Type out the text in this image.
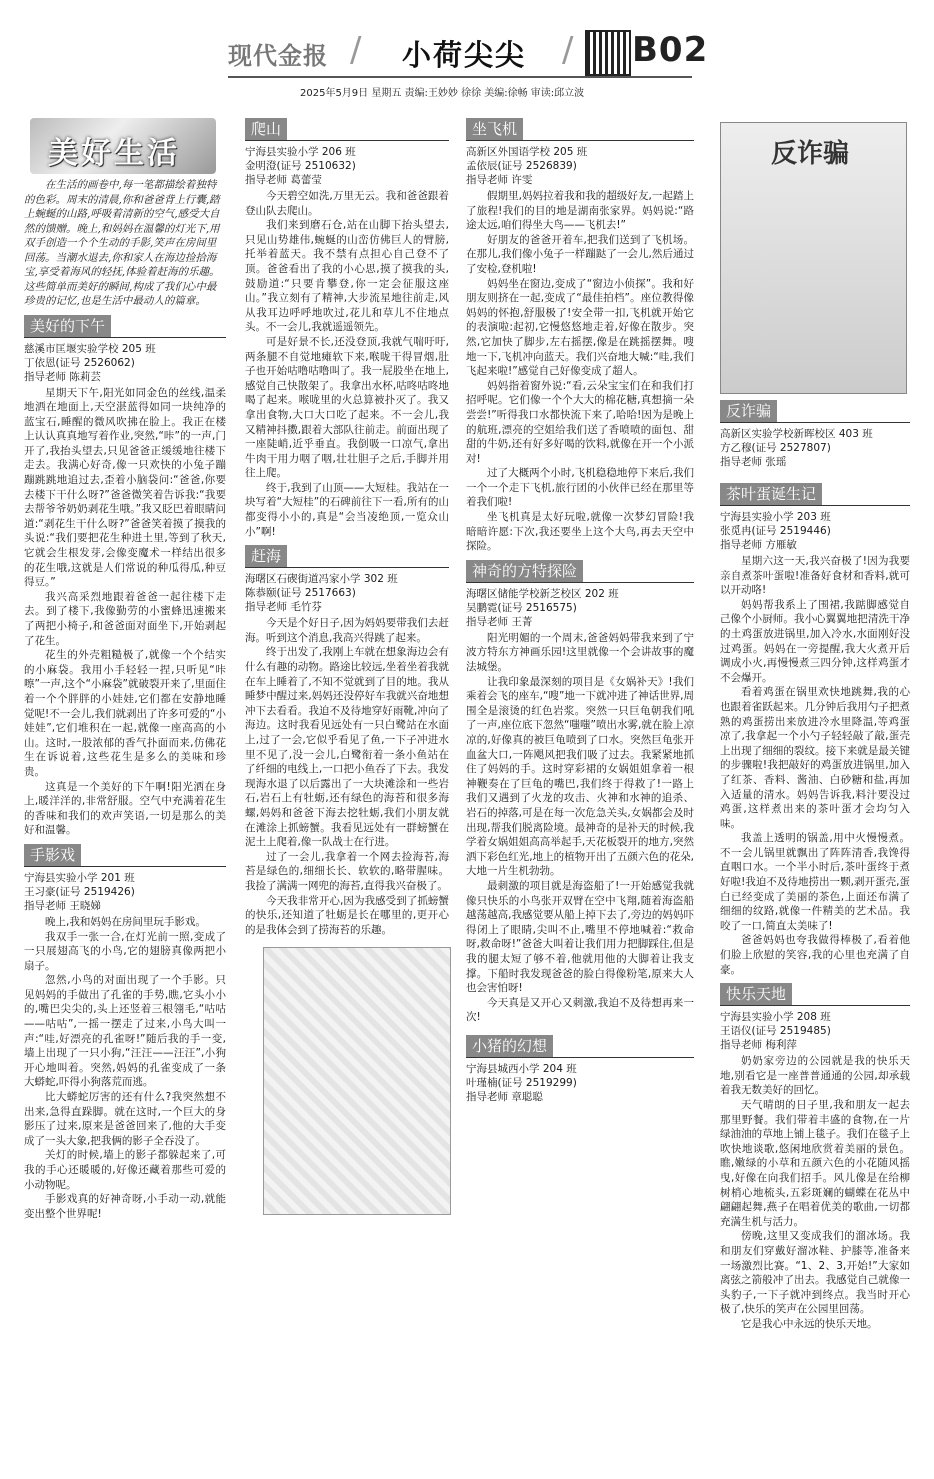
现代金报 / 小荷尖尖 / B02
2025年5月9日 星期五 责编:王妙妙 徐徐 美编:徐畅 审读:邱立波
美好生活
在生活的画卷中,每一笔都描绘着独特的色彩。周末的清晨,你和爸爸背上行囊,踏上蜿蜒的山路,呼吸着清新的空气,感受大自然的馈赠。晚上,和妈妈在温馨的灯光下,用双手创造一个个生动的手影,笑声在房间里回荡。当潮水退去,你和家人在海边捡拾海宝,享受着海风的轻抚,体验着赶海的乐趣。这些简单而美好的瞬间,构成了我们心中最珍贵的记忆,也是生活中最动人的篇章。
美好的下午
慈溪市匡堰实验学校 205 班
丁依恩(证号 2526062)
指导老师 陈莉芸

星期天下午,阳光如同金色的丝线,温柔地洒在地面上,天空湛蓝得如同一块纯净的蓝宝石,睡醒的微风吹拂在脸上。我正在楼上认认真真地写着作业,突然,“咔”的一声,门开了,我抬头望去,只见爸爸正缓缓地往楼下走去。我满心好奇,像一只欢快的小兔子蹦蹦跳跳地追过去,歪着小脑袋问:“爸爸,你要去楼下干什么呀?”爸爸微笑着告诉我:“我要去帮爷爷奶奶剥花生哦。”我又眨巴着眼睛问道:“剥花生干什么呀?”爸爸笑着摸了摸我的头说:“我们要把花生种进土里,等到了秋天,它就会生根发芽,会像变魔术一样结出很多的花生哦,这就是人们常说的种瓜得瓜,种豆得豆。”

我兴高采烈地跟着爸爸一起往楼下走去。到了楼下,我像勤劳的小蜜蜂迅速搬来了两把小椅子,和爸爸面对面坐下,开始剥起了花生。

花生的外壳粗糙极了,就像一个个结实的小麻袋。我用小手轻轻一捏,只听见“咔嚓”一声,这个“小麻袋”就破裂开来了,里面住着一个个胖胖的小娃娃,它们都在安静地睡觉呢!不一会儿,我们就剥出了许多可爱的“小娃娃”,它们堆积在一起,就像一座高高的小山。这时,一股浓郁的香气扑面而来,仿佛花生在诉说着,这些花生是多么的美味和珍贵。

这真是一个美好的下午啊!阳光洒在身上,暖洋洋的,非常舒服。空气中充满着花生的香味和我们的欢声笑语,一切是那么的美好和温馨。

手影戏
宁海县实验小学 201 班
王习豪(证号 2519426)
指导老师 王晓娣

晚上,我和妈妈在房间里玩手影戏。

我双手一张一合,在灯光前一照,变成了一只展翅高飞的小鸟,它的翅膀真像两把小扇子。

忽然,小鸟的对面出现了一个手影。只见妈妈的手做出了孔雀的手势,瞧,它头小小的,嘴巴尖尖的,头上还竖着三根翎毛,“咕咕——咕咕”,一摇一摆走了过来,小鸟大叫一声:“哇,好漂亮的孔雀呀!”随后我的手一变,墙上出现了一只小狗,“汪汪——汪汪”,小狗开心地叫着。突然,妈妈的孔雀变成了一条大蟒蛇,吓得小狗落荒而逃。

比大蟒蛇厉害的还有什么?我突然想不出来,急得直跺脚。就在这时,一个巨大的身影压了过来,原来是爸爸回来了,他的大手变成了一头大象,把我俩的影子全吞没了。

关灯的时候,墙上的影子都躲起来了,可我的手心还暖暖的,好像还藏着那些可爱的小动物呢。

手影戏真的好神奇呀,小手动一动,就能变出整个世界呢!

爬山
宁海县实验小学 206 班
金明澄(证号 2510632)
指导老师 葛蕾莹

今天碧空如洗,万里无云。我和爸爸跟着登山队去爬山。

我们来到磨石仓,站在山脚下抬头望去,只见山势雄伟,蜿蜒的山峦仿佛巨人的臂膀,托举着蓝天。我不禁有点担心自己登不了顶。爸爸看出了我的小心思,摸了摸我的头,鼓励道:“只要肯攀登,你一定会征服这座山。”我立刻有了精神,大步流星地往前走,风从我耳边呼呼地吹过,花儿和草儿不住地点头。不一会儿,我就遥遥领先。

可是好景不长,还没登顶,我就气喘吁吁,两条腿不自觉地瘫软下来,喉咙干得冒烟,肚子也开始咕噜咕噜叫了。我一屁股坐在地上,感觉自己快散架了。我拿出水杯,咕咚咕咚地喝了起来。喉咙里的火总算被扑灭了。我又拿出食物,大口大口吃了起来。不一会儿,我又精神抖擞,跟着大部队往前走。前面出现了一座陡峭,近乎垂直。我倒吸一口凉气,拿出牛肉干用力咽了咽,壮壮胆子之后,手脚并用往上爬。

终于,我到了山顶——大短桂。我站在一块写着“大短桂”的石碑前往下一看,所有的山都变得小小的,真是“会当凌绝顶,一览众山小”啊!

赶海
海曙区石碶街道冯家小学 302 班
陈恭颐(证号 2517663)
指导老师 毛竹芬

今天是个好日子,因为妈妈要带我们去赶海。听到这个消息,我高兴得跳了起来。

终于出发了,我刚上车就在想象海边会有什么有趣的动物。路途比较远,坐着坐着我就在车上睡着了,不知不觉就到了目的地。我从睡梦中醒过来,妈妈还没停好车我就兴奋地想冲下去看看。我迫不及待地穿好雨靴,冲向了海边。这时我看见远处有一只白鹭站在水面上,过了一会,它似乎看见了鱼,一下子冲进水里不见了,没一会儿,白鹭衔着一条小鱼站在了纤细的电线上,一口把小鱼吞了下去。我发现海水退了以后露出了一大块滩涂和一些岩石,岩石上有牡蛎,还有绿色的海苔和很多海螺,妈妈和爸爸下海去挖牡蛎,我们小朋友就在滩涂上抓螃蟹。我看见远处有一群螃蟹在泥土上爬着,像一队战士在行进。

过了一会儿,我拿着一个网去捡海苔,海苔是绿色的,细细长长、软软的,略带腥味。我捡了满满一网兜的海苔,直得我兴奋极了。

今天我非常开心,因为我感受到了抓螃蟹的快乐,还知道了牡蛎是长在哪里的,更开心的是我体会到了捞海苔的乐趣。

坐飞机
高新区外国语学校 205 班
孟依辰(证号 2526839)
指导老师 许雯

假期里,妈妈拉着我和我的超级好友,一起踏上了旅程!我们的目的地是湖南张家界。妈妈说:“路途太远,咱们得坐大鸟——飞机去!”

好朋友的爸爸开着车,把我们送到了飞机场。在那儿,我们像小兔子一样蹦跶了一会儿,然后通过了安检,登机啦!

妈妈坐在窗边,变成了“窗边小侦探”。我和好朋友则挤在一起,变成了“最佳拍档”。座位教得像妈妈的怀抱,舒服极了!安全带一扣,飞机就开始它的表演啦:起初,它慢悠悠地走着,好像在散步。突然,它加快了脚步,左右摇摆,像是在跳摇摆舞。嗖地一下,飞机冲向蓝天。我们兴奋地大喊:“哇,我们飞起来啦!”感觉自己好像变成了超人。

妈妈指着窗外说:“看,云朵宝宝们在和我们打招呼呢。它们像一个个大大的棉花糖,真想摘一朵尝尝!”听得我口水都快流下来了,哈哈!因为是晚上的航班,漂亮的空姐给我们送了香喷喷的面包、甜甜的牛奶,还有好多好喝的饮料,就像在开一个小派对!

过了大概两个小时,飞机稳稳地停下来后,我们一个一个走下飞机,旅行团的小伙伴已经在那里等着我们啦!

坐飞机真是太好玩啦,就像一次梦幻冒险!我暗暗许愿:下次,我还要坐上这个大鸟,再去天空中探险。

神奇的方特探险
海曙区储能学校新芝校区 202 班
吴鹏霓(证号 2516575)
指导老师 王菁

阳光明媚的一个周末,爸爸妈妈带我来到了宁波方特东方神画乐园!这里就像一个会讲故事的魔法城堡。

让我印象最深刻的项目是《女娲补天》!我们乘着会飞的座车,“嗖”地一下就冲进了神话世界,周围全是滚烫的红色岩浆。突然一只巨龟朝我们吼了一声,座位底下忽然“嗤嗤”喷出水雾,就在脸上凉凉的,好像真的被巨龟喷到了口水。突然巨龟张开血盆大口,一阵飓风把我们吸了过去。我紧紧地抓住了妈妈的手。这时穿彩裙的女娲姐姐拿着一根神鞭奏在了巨龟的嘴巴,我们终于得救了!一路上我们又遇到了火龙的攻击、火神和水神的追杀、岩石的掉落,可是在每一次危急关头,女娲都会及时出现,帮我们脱离险境。最神奇的是补天的时候,我学着女娲姐姐高高举起手,天花板裂开的地方,突然洒下彩色红光,地上的植物开出了五颜六色的花朵,大地一片生机勃勃。

最刺激的项目就是海盗船了!一开始感觉我就像只快乐的小鸟张开双臂在空中飞翔,随着海盗船越荡越高,我感觉要从船上掉下去了,旁边的妈妈吓得闭上了眼睛,尖叫不止,嘴里不停地喊着:“救命呀,救命呀!”爸爸大叫着让我们用力把脚踩住,但是我的腿太短了够不着,他就用他的大脚着让我支撑。下船时我发现爸爸的脸白得像粉笔,原来大人也会害怕呀!

今天真是又开心又刺激,我迫不及待想再来一次!

小猪的幻想
宁海县城西小学 204 班
叶瑾楠(证号 2519299)
指导老师 章聪聪
反诈骗
反诈骗
高新区实验学校新晖校区 403 班
方乙穆(证号 2527807)
指导老师 张瑶
茶叶蛋诞生记
宁海县实验小学 203 班
张觅冉(证号 2519446)
指导老师 方雁敏

星期六这一天,我兴奋极了!因为我要亲自煮茶叶蛋啦!准备好食材和香料,就可以开动咯!

妈妈帮我系上了围裙,我踮脚感觉自己像个小厨师。我小心翼翼地把清洗干净的土鸡蛋放进锅里,加入冷水,水面刚好没过鸡蛋。妈妈在一旁提醒,我大火煮开后调成小火,再慢慢煮三四分钟,这样鸡蛋才不会爆开。

看着鸡蛋在锅里欢快地跳舞,我的心也跟着雀跃起来。几分钟后我用勺子把煮熟的鸡蛋捞出来放进冷水里降温,等鸡蛋凉了,我拿起一个小勺子轻轻敲了敲,蛋壳上出现了细细的裂纹。接下来就是最关键的步骤啦!我把敲好的鸡蛋放进锅里,加入了红茶、香料、酱油、白砂糖和盐,再加入适量的清水。妈妈告诉我,料汁要没过鸡蛋,这样煮出来的茶叶蛋才会均匀入味。

我盖上透明的锅盖,用中火慢慢煮。不一会儿锅里就飘出了阵阵清香,我馋得直咽口水。一个半小时后,茶叶蛋终于煮好啦!我迫不及待地捞出一颗,剥开蛋壳,蛋白已经变成了美丽的茶色,上面还布满了细细的纹路,就像一件精美的艺术品。我咬了一口,简直太美味了!

爸爸妈妈也夸我做得棒极了,看着他们脸上欣慰的笑容,我的心里也充满了自豪。

快乐天地
宁海县实验小学 208 班
王语仪(证号 2519485)
指导老师 梅利萍

奶奶家旁边的公园就是我的快乐天地,别看它是一座普普通通的公园,却承载着我无数美好的回忆。

天气晴朗的日子里,我和朋友一起去那里野餐。我们带着丰盛的食物,在一片绿油油的草地上铺上毯子。我们在毯子上吹快地谈歌,悠闲地欣赏着美丽的景色。瞧,嫩绿的小草和五颜六色的小花随风摇曳,好像在向我们招手。风儿像是在给柳树梢心地梳头,五彩斑斓的蝴蝶在花丛中翩翩起舞,燕子在唱着优美的歌曲,一切都充满生机与活力。

傍晚,这里又变成我们的溜冰场。我和朋友们穿戴好溜冰鞋、护膝等,准备来一场激烈比赛。“1、2、3,开始!”大家如离弦之箭般冲了出去。我感觉自己就像一头豹子,一下子就冲到终点。我当时开心极了,快乐的笑声在公园里回荡。

它是我心中永远的快乐天地。
